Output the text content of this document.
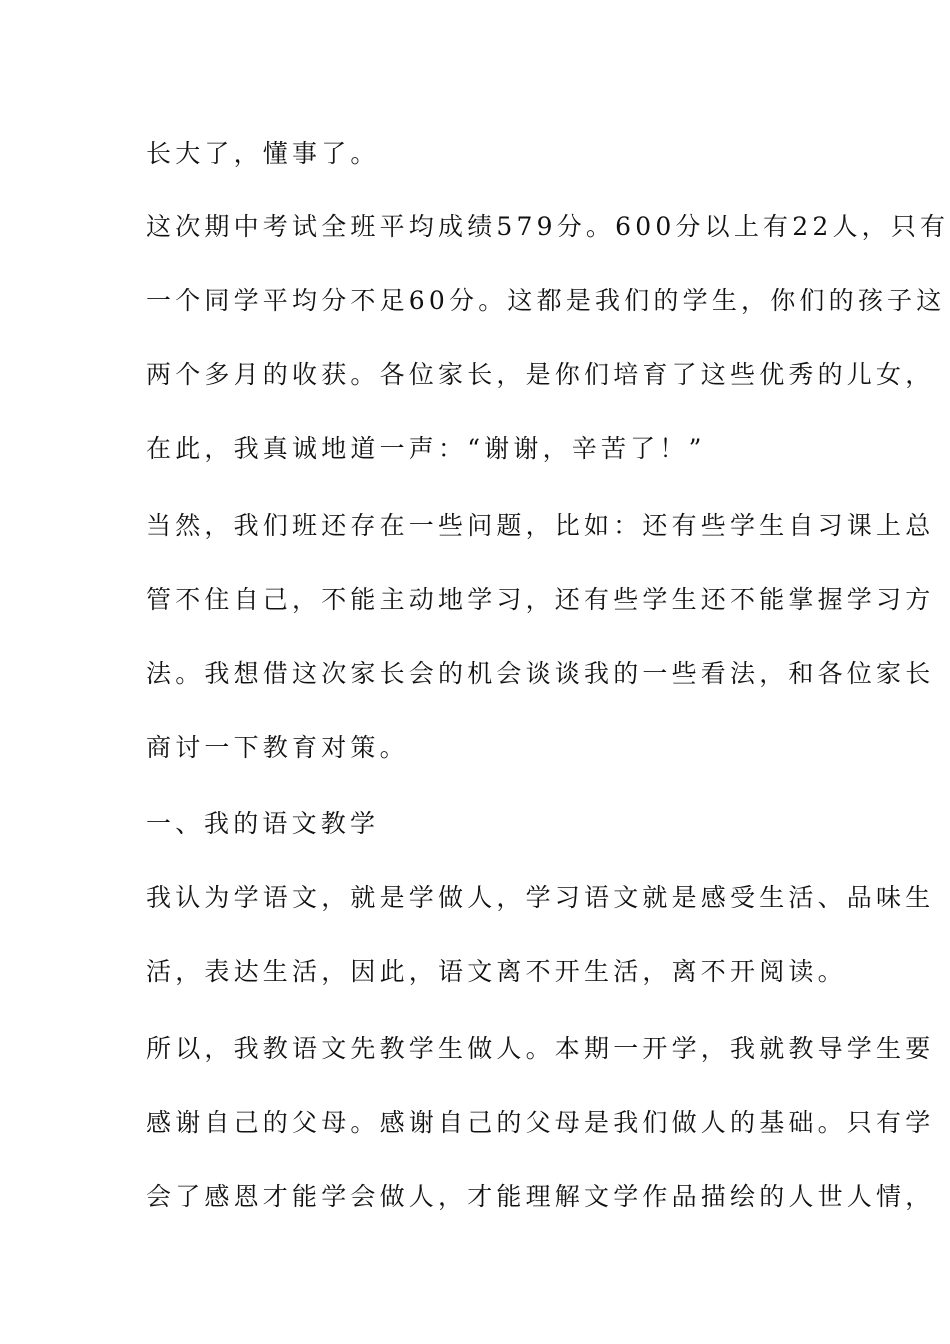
长大了，懂事了。
这次期中考试全班平均成绩579分。600分以上有22人，只有
一个同学平均分不足60分。这都是我们的学生，你们的孩子这
两个多月的收获。各位家长，是你们培育了这些优秀的儿女，
在此，我真诚地道一声：“谢谢，辛苦了！”
当然，我们班还存在一些问题，比如：还有些学生自习课上总
管不住自己，不能主动地学习，还有些学生还不能掌握学习方
法。我想借这次家长会的机会谈谈我的一些看法，和各位家长
商讨一下教育对策。
一、我的语文教学
我认为学语文，就是学做人，学习语文就是感受生活、品味生
活，表达生活，因此，语文离不开生活，离不开阅读。
所以，我教语文先教学生做人。本期一开学，我就教导学生要
感谢自己的父母。感谢自己的父母是我们做人的基础。只有学
会了感恩才能学会做人，才能理解文学作品描绘的人世人情，
